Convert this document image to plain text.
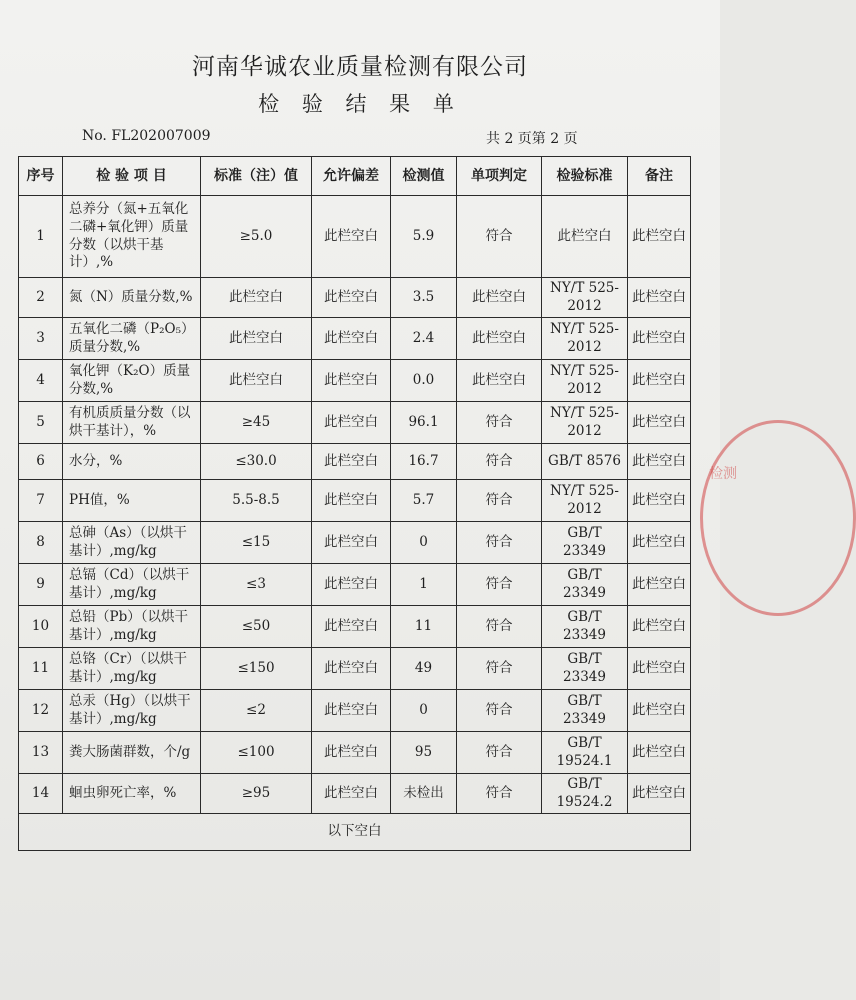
河南华诚农业质量检测有限公司
检 验 结 果 单
No. FL202007009	共 2 页第 2 页
序号	检 验 项 目	标准（注）值	允许偏差	检测值	单项判定	检验标准	备注
1	总养分（氮+五氧化二磷+氧化钾）质量分数（以烘干基计）,%	≥5.0	此栏空白	5.9	符合	此栏空白	此栏空白
2	氮（N）质量分数,%	此栏空白	此栏空白	3.5	此栏空白	NY/T 525-2012	此栏空白
3	五氧化二磷（P₂O₅）质量分数,%	此栏空白	此栏空白	2.4	此栏空白	NY/T 525-2012	此栏空白
4	氧化钾（K₂O）质量分数,%	此栏空白	此栏空白	0.0	此栏空白	NY/T 525-2012	此栏空白
5	有机质质量分数（以烘干基计），%	≥45	此栏空白	96.1	符合	NY/T 525-2012	此栏空白
6	水分，%	≤30.0	此栏空白	16.7	符合	GB/T 8576	此栏空白
7	PH值，%	5.5-8.5	此栏空白	5.7	符合	NY/T 525-2012	此栏空白
8	总砷（As）（以烘干基计）,mg/kg	≤15	此栏空白	0	符合	GB/T 23349	此栏空白
9	总镉（Cd）（以烘干基计）,mg/kg	≤3	此栏空白	1	符合	GB/T 23349	此栏空白
10	总铅（Pb）（以烘干基计）,mg/kg	≤50	此栏空白	11	符合	GB/T 23349	此栏空白
11	总铬（Cr）（以烘干基计）,mg/kg	≤150	此栏空白	49	符合	GB/T 23349	此栏空白
12	总汞（Hg）（以烘干基计）,mg/kg	≤2	此栏空白	0	符合	GB/T 23349	此栏空白
13	粪大肠菌群数，个/g	≤100	此栏空白	95	符合	GB/T 19524.1	此栏空白
14	蛔虫卵死亡率，%	≥95	此栏空白	未检出	符合	GB/T 19524.2	此栏空白
以下空白							
检测
